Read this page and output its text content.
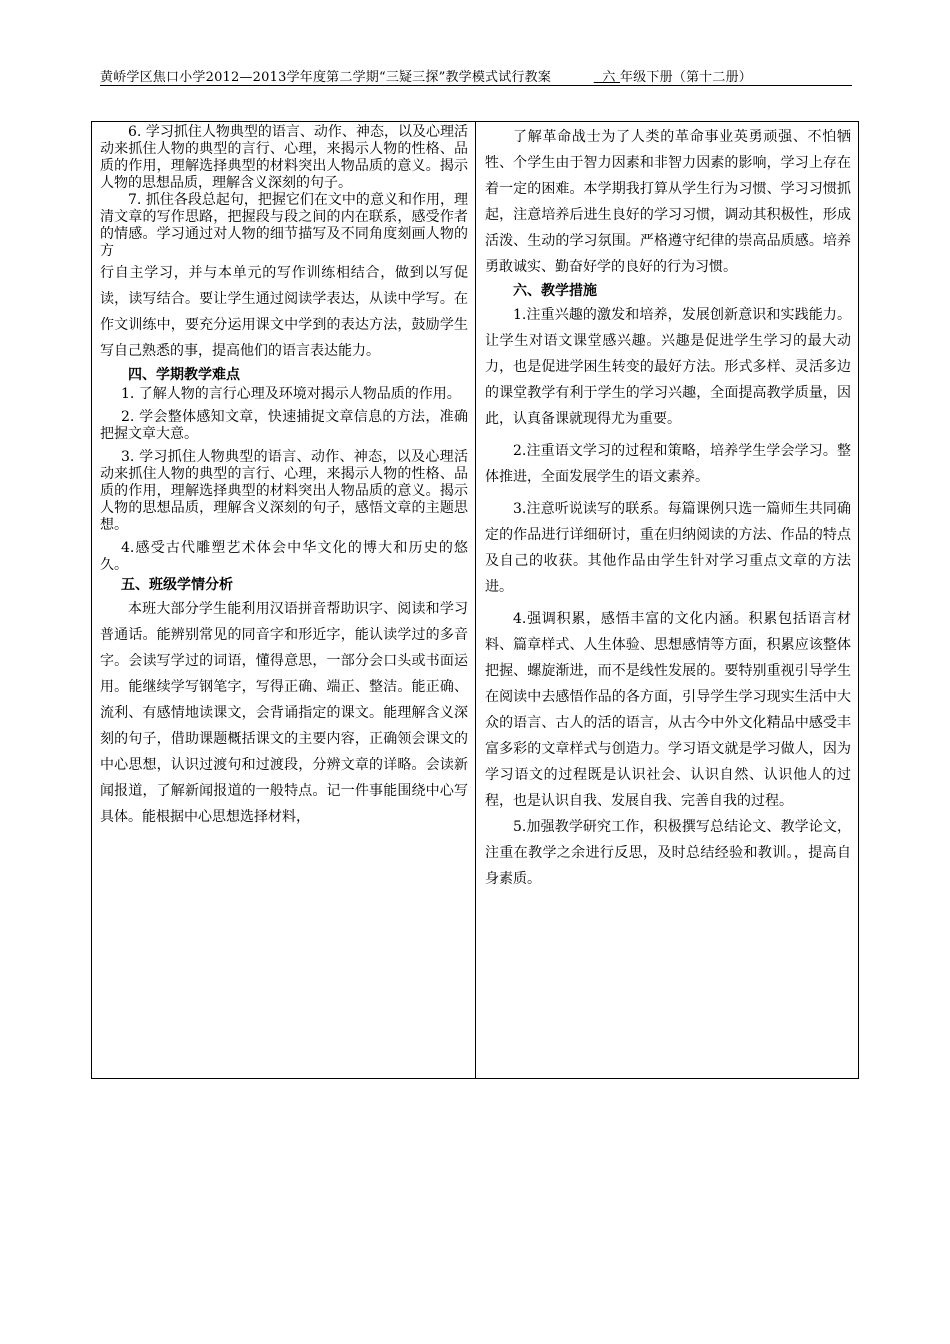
黄峤学区焦口小学2012—2013学年度第二学期“三疑三探”教学模式试行教案	六 年级下册（第十二册）

6. 学习抓住人物典型的语言、动作、神态，以及心理活动来抓住人物的典型的言行、心理，来揭示人物的性格、品质的作用，理解选择典型的材料突出人物品质的意义。揭示人物的思想品质，理解含义深刻的句子。

7. 抓住各段总起句，把握它们在文中的意义和作用，理清文章的写作思路，把握段与段之间的内在联系，感受作者的情感。学习通过对人物的细节描写及不同角度刻画人物的方

行自主学习，并与本单元的写作训练相结合，做到以写促读，读写结合。要让学生通过阅读学表达，从读中学写。在作文训练中，要充分运用课文中学到的表达方法，鼓励学生写自己熟悉的事，提高他们的语言表达能力。

四、学期教学难点

1. 了解人物的言行心理及环境对揭示人物品质的作用。

2. 学会整体感知文章，快速捕捉文章信息的方法，准确把握文章大意。

3. 学习抓住人物典型的语言、动作、神态，以及心理活动来抓住人物的典型的言行、心理，来揭示人物的性格、品质的作用，理解选择典型的材料突出人物品质的意义。揭示人物的思想品质，理解含义深刻的句子，感悟文章的主题思想。

4.感受古代雕塑艺术体会中华文化的博大和历史的悠久。

五、班级学情分析

本班大部分学生能利用汉语拼音帮助识字、阅读和学习普通话。能辨别常见的同音字和形近字，能认读学过的多音字。会读写学过的词语，懂得意思，一部分会口头或书面运用。能继续学写钢笔字，写得正确、端正、整洁。能正确、流利、有感情地读课文，会背诵指定的课文。能理解含义深刻的句子，借助课题概括课文的主要内容，正确领会课文的中心思想，认识过渡句和过渡段，分辨文章的详略。会读新闻报道，了解新闻报道的一般特点。记一件事能围绕中心写具体。能根据中心思想选择材料，

了解革命战士为了人类的革命事业英勇顽强、不怕牺牲、个学生由于智力因素和非智力因素的影响，学习上存在着一定的困难。本学期我打算从学生行为习惯、学习习惯抓起，注意培养后进生良好的学习习惯，调动其积极性，形成活泼、生动的学习氛围。严格遵守纪律的崇高品质感。培养勇敢诚实、勤奋好学的良好的行为习惯。

六、教学措施

1.注重兴趣的激发和培养，发展创新意识和实践能力。让学生对语文课堂感兴趣。兴趣是促进学生学习的最大动力，也是促进学困生转变的最好方法。形式多样、灵活多边的课堂教学有利于学生的学习兴趣，全面提高教学质量，因此，认真备课就现得尤为重要。

2.注重语文学习的过程和策略，培养学生学会学习。整体推进，全面发展学生的语文素养。

3.注意听说读写的联系。每篇课例只选一篇师生共同确定的作品进行详细研讨，重在归纳阅读的方法、作品的特点及自己的收获。其他作品由学生针对学习重点文章的方法进。

4.强调积累，感悟丰富的文化内涵。积累包括语言材料、篇章样式、人生体验、思想感情等方面，积累应该整体把握、螺旋渐进，而不是线性发展的。要特别重视引导学生在阅读中去感悟作品的各方面，引导学生学习现实生活中大众的语言、古人的活的语言，从古今中外文化精品中感受丰富多彩的文章样式与创造力。学习语文就是学习做人，因为学习语文的过程既是认识社会、认识自然、认识他人的过程，也是认识自我、发展自我、完善自我的过程。

5.加强教学研究工作，积极撰写总结论文、教学论文，注重在教学之余进行反思，及时总结经验和教训。，提高自身素质。
